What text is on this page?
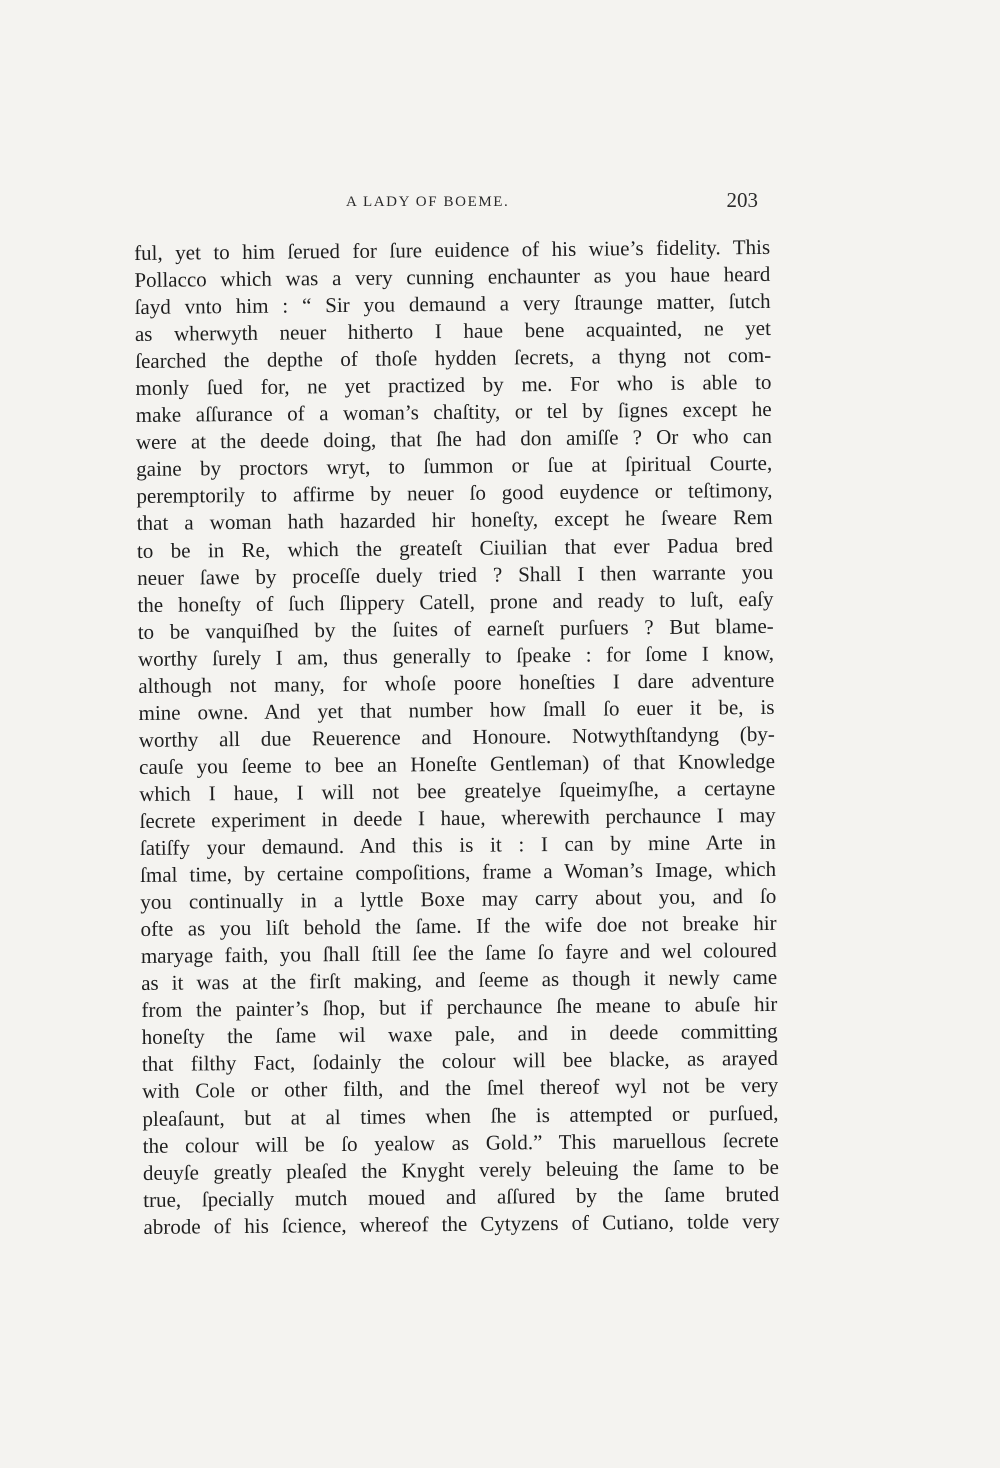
A LADY OF BOEME.	203
ful, yet to him ſerued for ſure euidence of his wiue’s fidelity. This
Pollacco which was a very cunning enchaunter as you haue heard
ſayd vnto him : “ Sir you demaund a very ſtraunge matter, ſutch
as wherwyth neuer hitherto I haue bene acquainted, ne yet
ſearched the depthe of thoſe hydden ſecrets, a thyng not com-
monly ſued for, ne yet practized by me. For who is able to
make aſſurance of a woman’s chaſtity, or tel by ſignes except he
were at the deede doing, that ſhe had don amiſſe ? Or who can
gaine by proctors wryt, to ſummon or ſue at ſpiritual Courte,
peremptorily to affirme by neuer ſo good euydence or teſtimony,
that a woman hath hazarded hir honeſty, except he ſweare Rem
to be in Re, which the greateſt Ciuilian that ever Padua bred
neuer ſawe by proceſſe duely tried ? Shall I then warrante you
the honeſty of ſuch ſlippery Catell, prone and ready to luſt, eaſy
to be vanquiſhed by the ſuites of earneſt purſuers ? But blame-
worthy ſurely I am, thus generally to ſpeake : for ſome I know,
although not many, for whoſe poore honeſties I dare adventure
mine owne. And yet that number how ſmall ſo euer it be, is
worthy all due Reuerence and Honoure. Notwythſtandyng (by-
cauſe you ſeeme to bee an Honeſte Gentleman) of that Knowledge
which I haue, I will not bee greatelye ſqueimyſhe, a certayne
ſecrete experiment in deede I haue, wherewith perchaunce I may
ſatiſfy your demaund. And this is it : I can by mine Arte in
ſmal time, by certaine compoſitions, frame a Woman’s Image, which
you continually in a lyttle Boxe may carry about you, and ſo
ofte as you liſt behold the ſame. If the wife doe not breake hir
maryage faith, you ſhall ſtill ſee the ſame ſo fayre and wel coloured
as it was at the firſt making, and ſeeme as though it newly came
from the painter’s ſhop, but if perchaunce ſhe meane to abuſe hir
honeſty the ſame wil waxe pale, and in deede committing
that filthy Fact, ſodainly the colour will bee blacke, as arayed
with Cole or other filth, and the ſmel thereof wyl not be very
pleaſaunt, but at al times when ſhe is attempted or purſued,
the colour will be ſo yealow as Gold.” This maruellous ſecrete
deuyſe greatly pleaſed the Knyght verely beleuing the ſame to be
true, ſpecially mutch moued and aſſured by the ſame bruted
abrode of his ſcience, whereof the Cytyzens of Cutiano, tolde very
